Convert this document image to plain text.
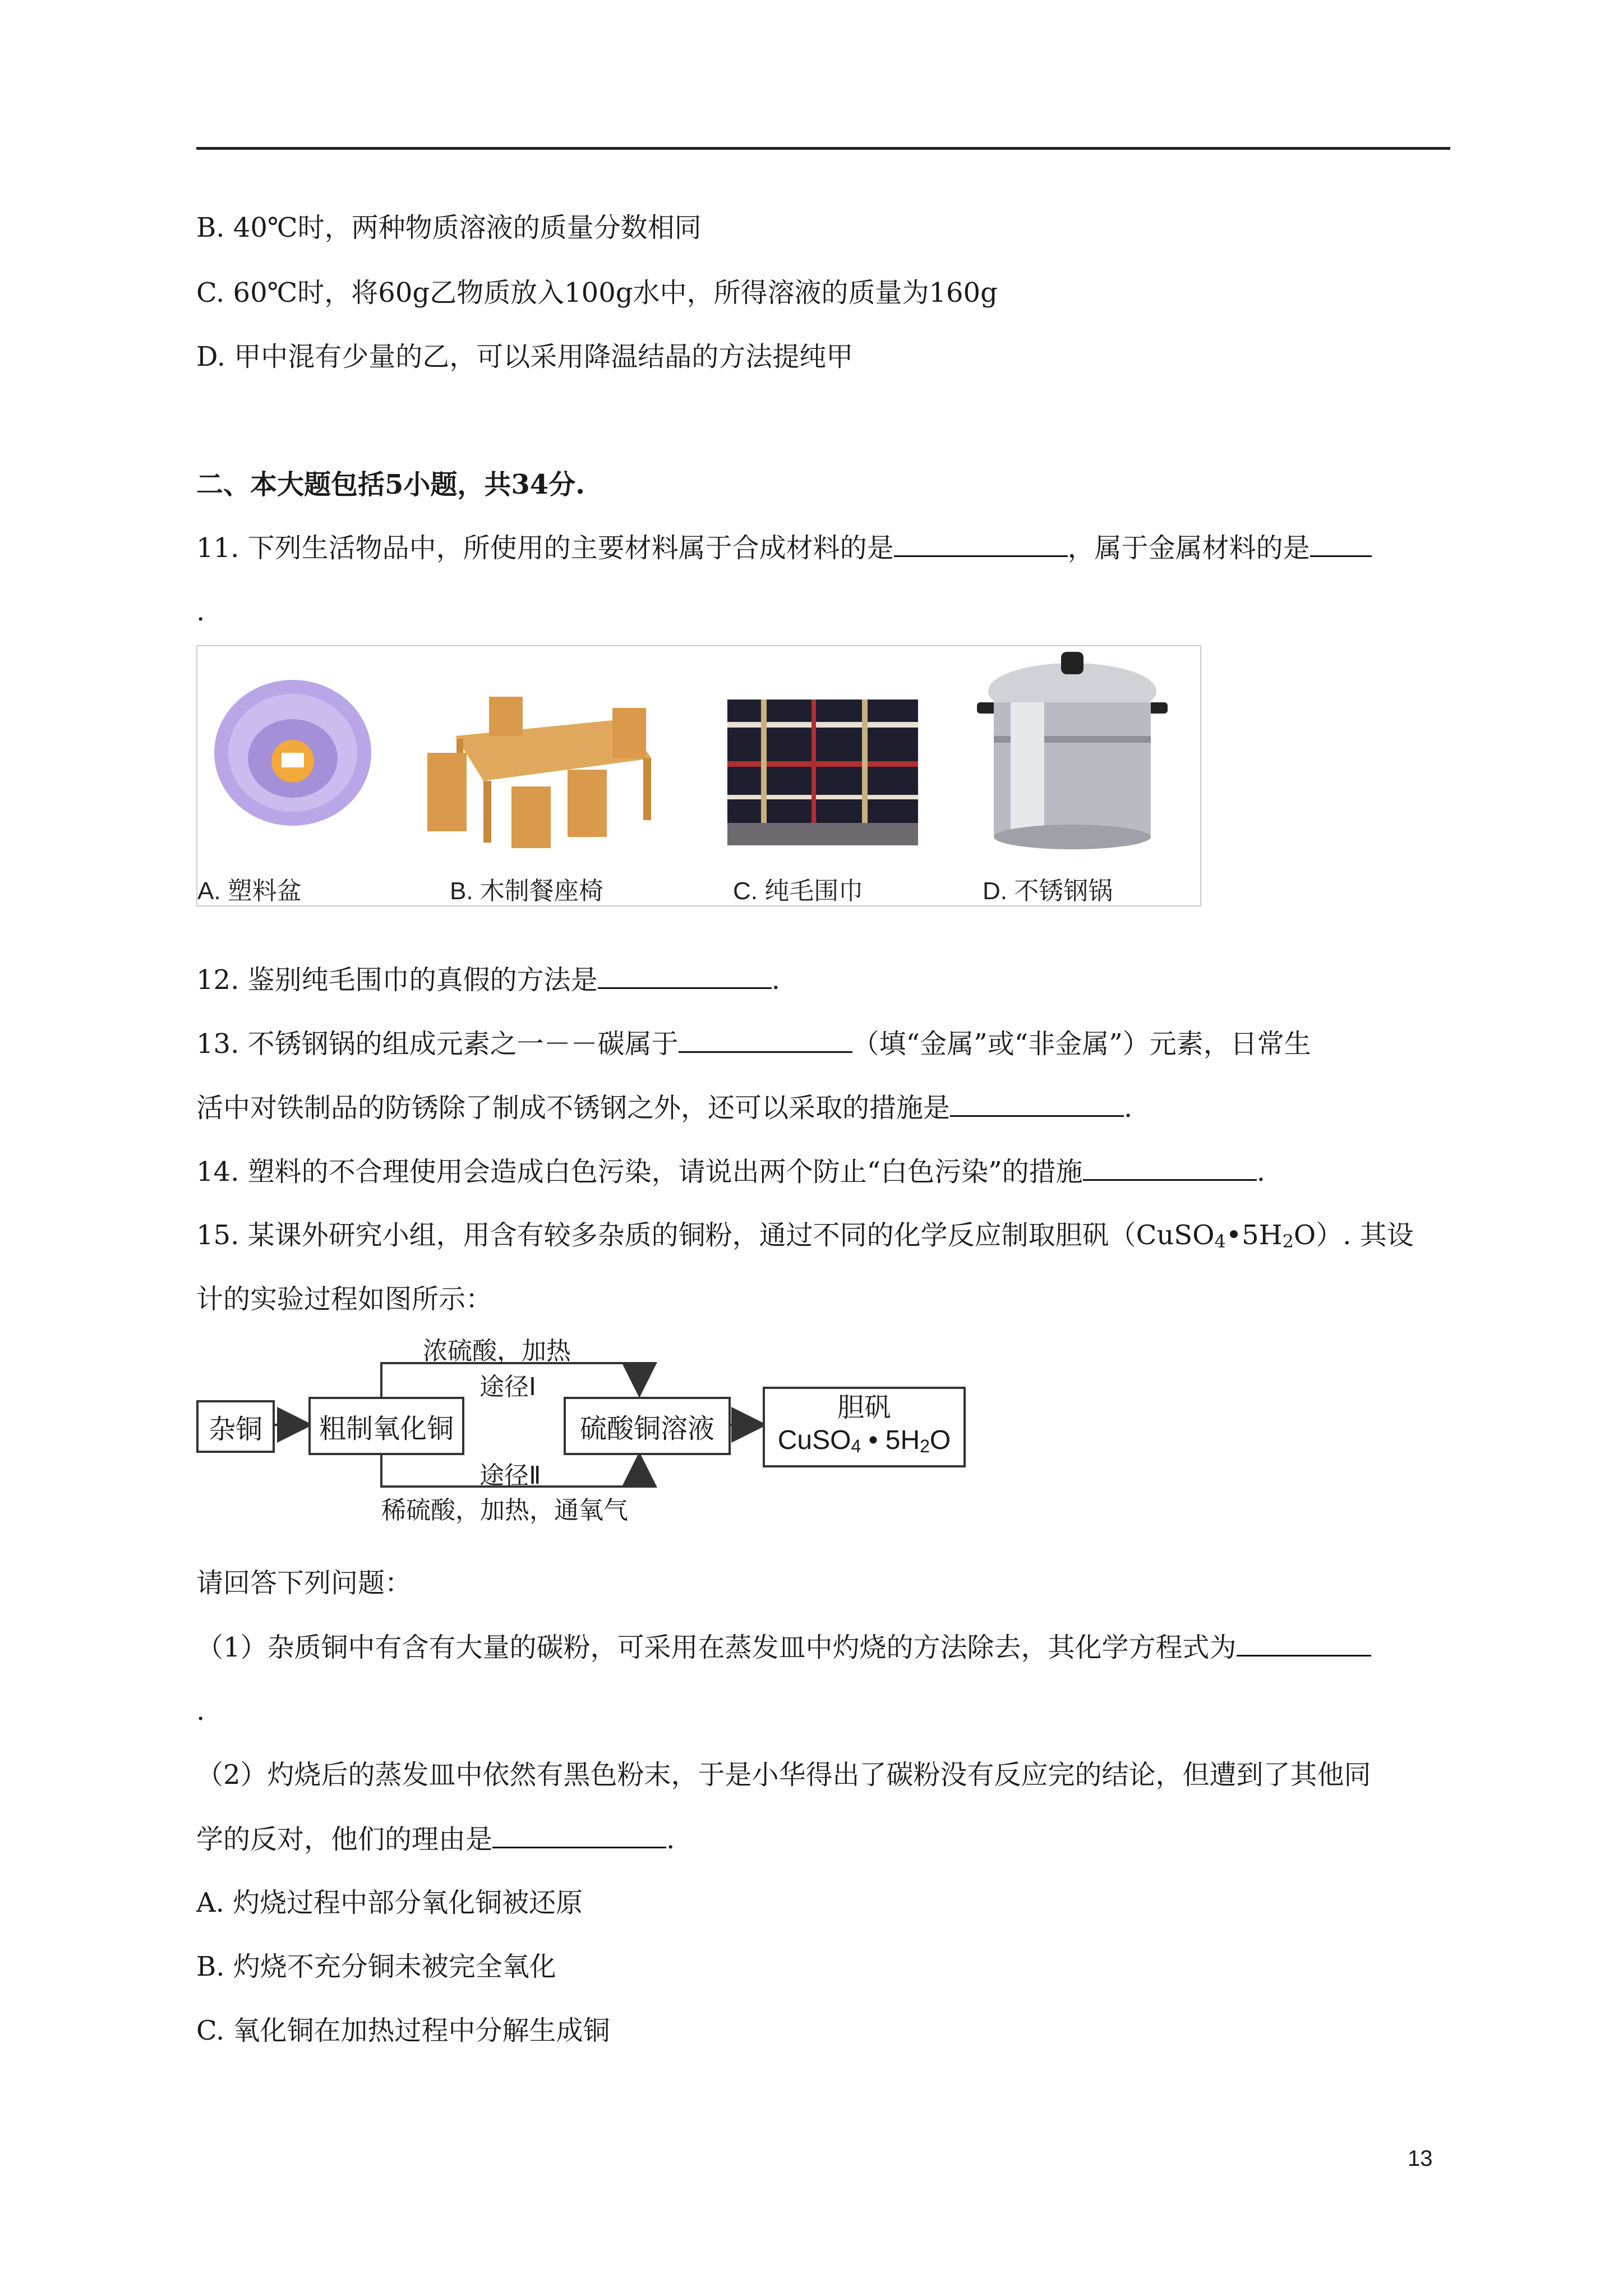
B. 40℃时，两种物质溶液的质量分数相同
C. 60℃时，将60g乙物质放入100g水中，所得溶液的质量为160g
D. 甲中混有少量的乙，可以采用降温结晶的方法提纯甲
二、本大题包括5小题，共34分.
11. 下列生活物品中，所使用的主要材料属于合成材料的是	，属于金属材料的是
.
A. 塑料盆	B. 木制餐座椅	C. 纯毛围巾	D. 不锈钢锅
12. 鉴别纯毛围巾的真假的方法是	.
13. 不锈钢锅的组成元素之一－－碳属于	（填“金属”或“非金属”）元素，日常生
活中对铁制品的防锈除了制成不锈钢之外，还可以采取的措施是	.
14. 塑料的不合理使用会造成白色污染，请说出两个防止“白色污染”的措施	.
15. 某课外研究小组，用含有较多杂质的铜粉，通过不同的化学反应制取胆矾（CuSO4•5H2O）. 其设
计的实验过程如图所示：
杂铜	粗制氧化铜	硫酸铜溶液
胆矾
CuSO4 • 5H2O
浓硫酸，加热
途径Ⅰ
途径Ⅱ
稀硫酸，加热，通氧气
请回答下列问题：
（1）杂质铜中有含有大量的碳粉，可采用在蒸发皿中灼烧的方法除去，其化学方程式为
.
（2）灼烧后的蒸发皿中依然有黑色粉末，于是小华得出了碳粉没有反应完的结论，但遭到了其他同
学的反对，他们的理由是	.
A. 灼烧过程中部分氧化铜被还原
B. 灼烧不充分铜未被完全氧化
C. 氧化铜在加热过程中分解生成铜
13
